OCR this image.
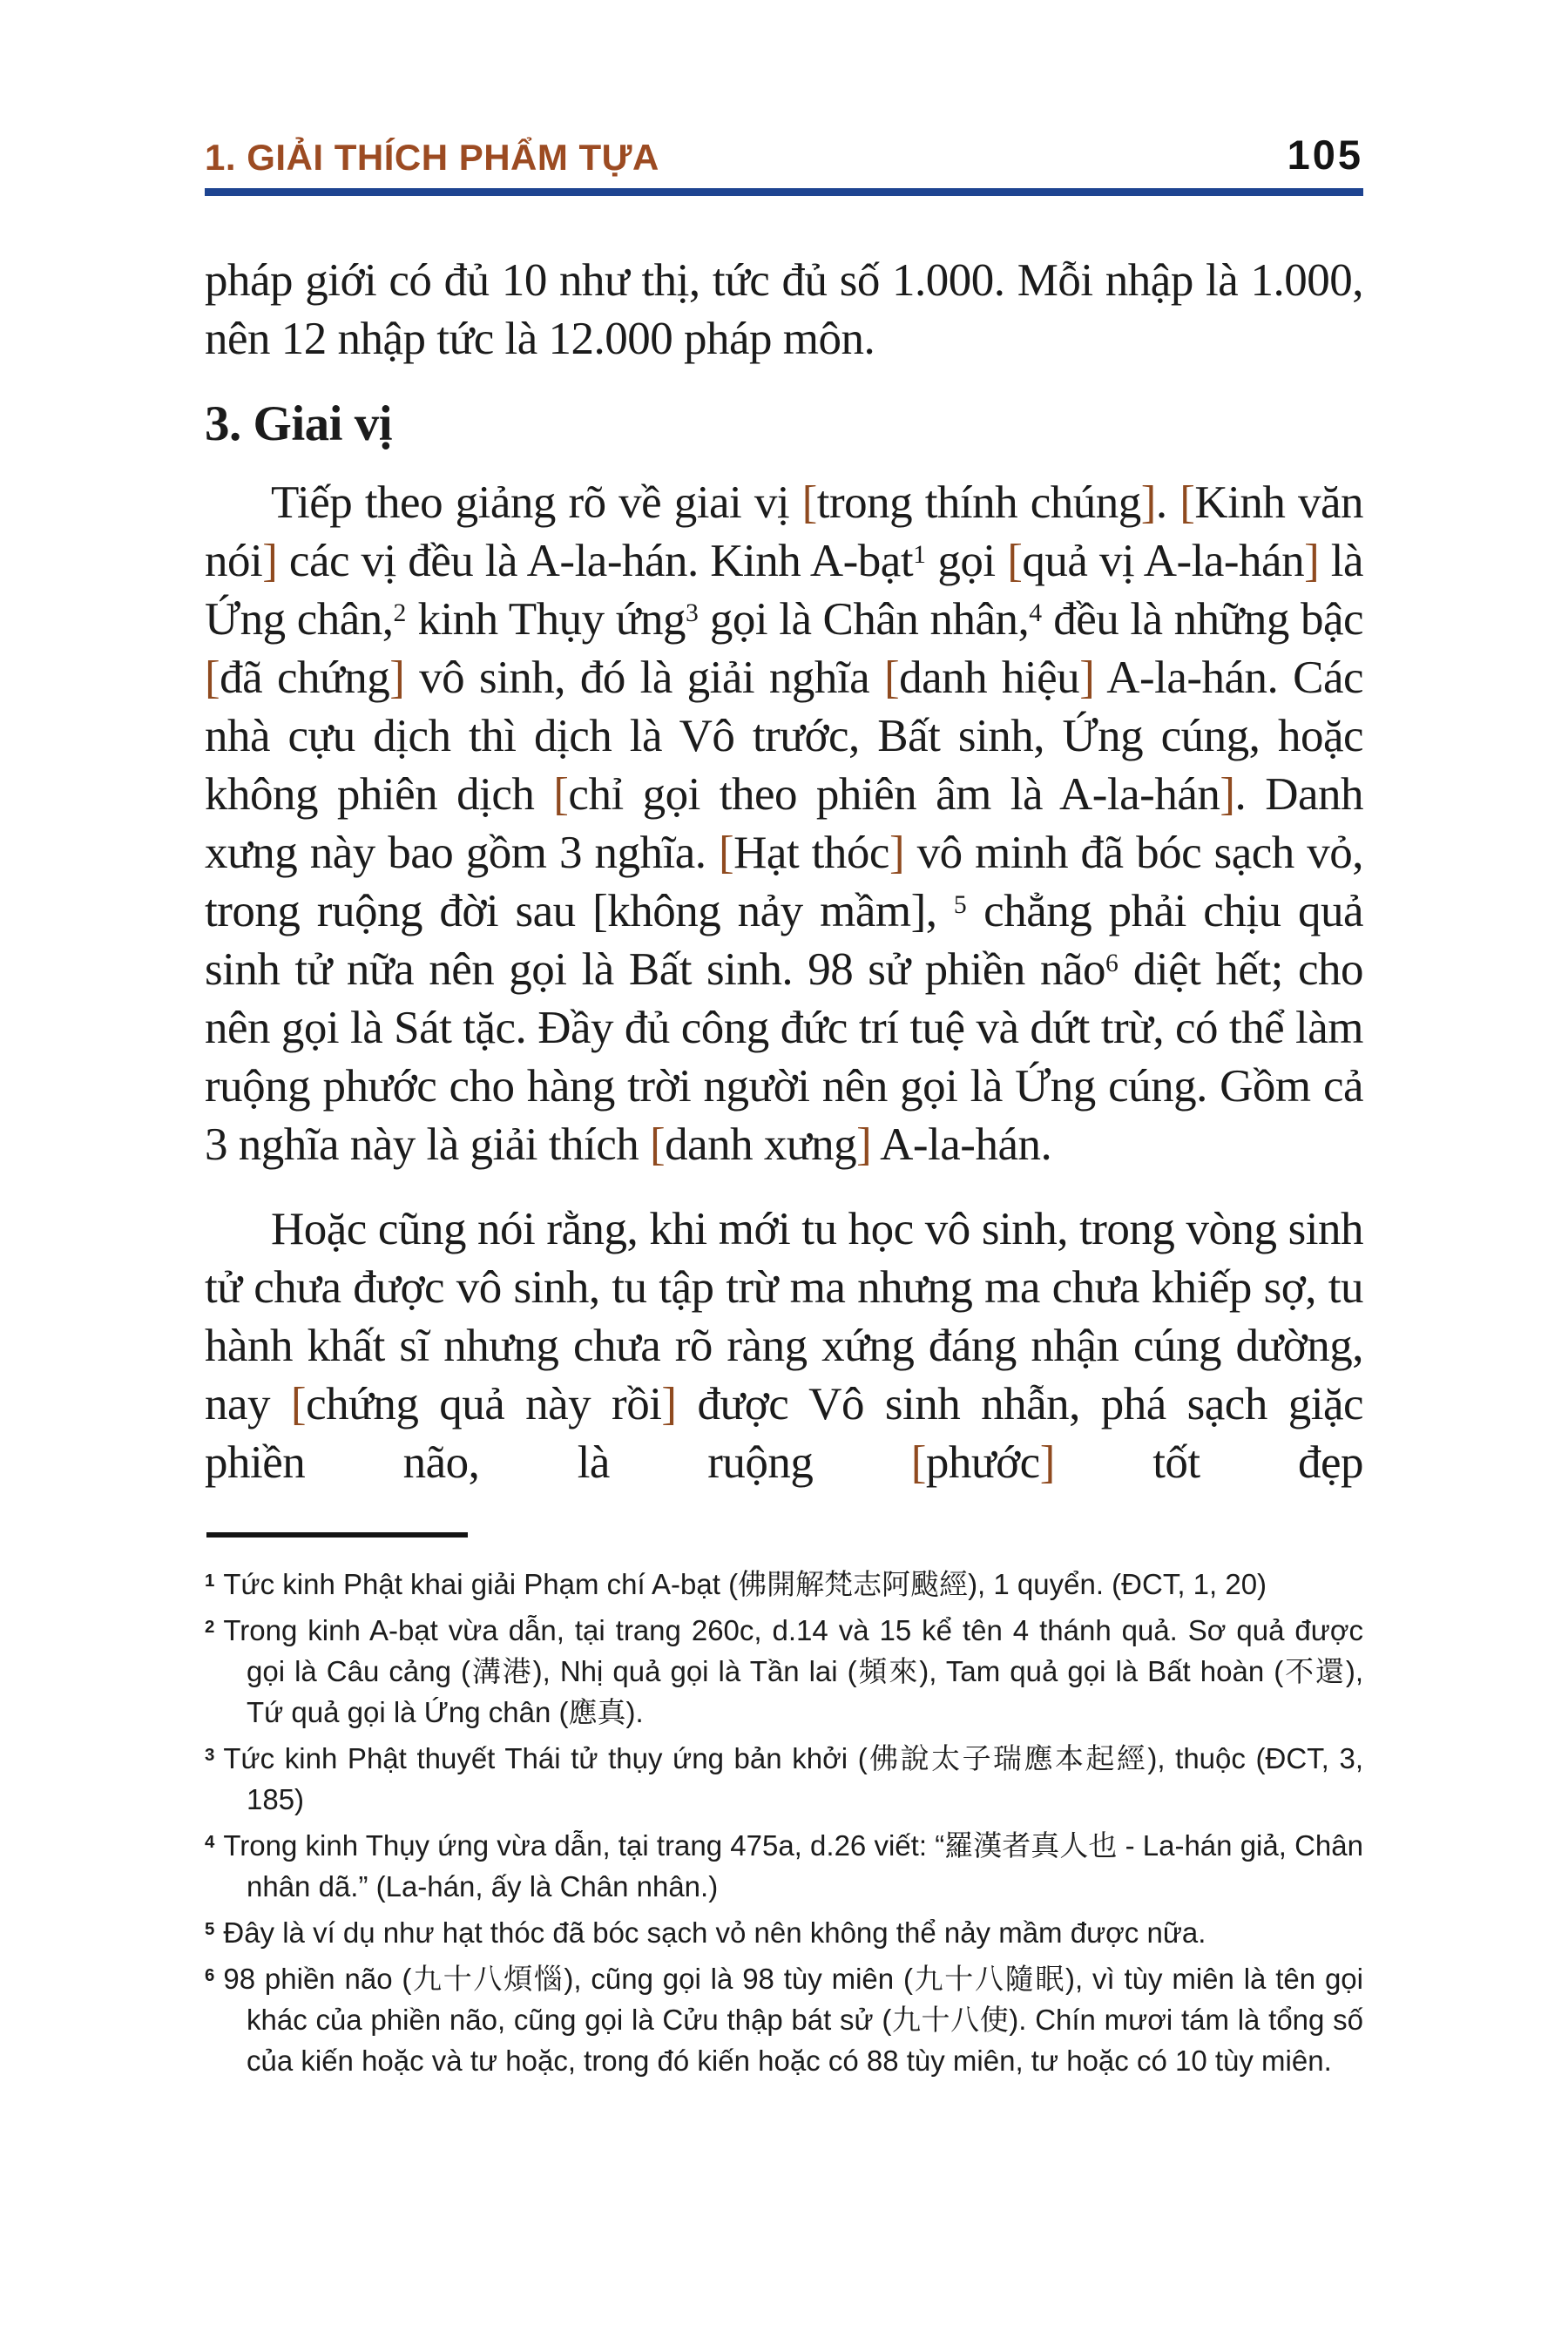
1. GIẢI THÍCH PHẨM TỰA	105

pháp giới có đủ 10 như thị, tức đủ số 1.000. Mỗi nhập là 1.000, nên 12 nhập tức là 12.000 pháp môn.

3. Giai vị

Tiếp theo giảng rõ về giai vị [trong thính chúng]. [Kinh văn nói] các vị đều là A-la-hán. Kinh A-bạt$^1$ gọi [quả vị A-la-hán] là Ứng chân,$^2$ kinh Thụy ứng$^3$ gọi là Chân nhân,$^4$ đều là những bậc [đã chứng] vô sinh, đó là giải nghĩa [danh hiệu] A-la-hán. Các nhà cựu dịch thì dịch là Vô trước, Bất sinh, Ứng cúng, hoặc không phiên dịch [chỉ gọi theo phiên âm là A-la-hán]. Danh xưng này bao gồm 3 nghĩa. [Hạt thóc] vô minh đã bóc sạch vỏ, trong ruộng đời sau [không nảy mầm], $^5$ chẳng phải chịu quả sinh tử nữa nên gọi là Bất sinh. 98 sử phiền não$^6$ diệt hết; cho nên gọi là Sát tặc. Đầy đủ công đức trí tuệ và dứt trừ, có thể làm ruộng phước cho hàng trời người nên gọi là Ứng cúng. Gồm cả 3 nghĩa này là giải thích [danh xưng] A-la-hán.

Hoặc cũng nói rằng, khi mới tu học vô sinh, trong vòng sinh tử chưa được vô sinh, tu tập trừ ma nhưng ma chưa khiếp sợ, tu hành khất sĩ nhưng chưa rõ ràng xứng đáng nhận cúng dường, nay [chứng quả này rồi] được Vô sinh nhẫn, phá sạch giặc phiền não, là ruộng [phước] tốt đẹp

$^1$ Tức kinh Phật khai giải Phạm chí A-bạt (佛開解梵志阿颰經), 1 quyển. (ĐCT, 1, 20)

$^2$ Trong kinh A-bạt vừa dẫn, tại trang 260c, d.14 và 15 kể tên 4 thánh quả. Sơ quả được gọi là Câu cảng (溝港), Nhị quả gọi là Tần lai (頻來), Tam quả gọi là Bất hoàn (不還), Tứ quả gọi là Ứng chân (應真).

$^3$ Tức kinh Phật thuyết Thái tử thụy ứng bản khởi (佛說太子瑞應本起經), thuộc (ĐCT, 3, 185)

$^4$ Trong kinh Thụy ứng vừa dẫn, tại trang 475a, d.26 viết: “羅漢者真人也 - La-hán giả, Chân nhân dã.” (La-hán, ấy là Chân nhân.)

$^5$ Đây là ví dụ như hạt thóc đã bóc sạch vỏ nên không thể nảy mầm được nữa.

$^6$ 98 phiền não (九十八煩惱), cũng gọi là 98 tùy miên (九十八隨眠), vì tùy miên là tên gọi khác của phiền não, cũng gọi là Cửu thập bát sử (九十八使). Chín mươi tám là tổng số của kiến hoặc và tư hoặc, trong đó kiến hoặc có 88 tùy miên, tư hoặc có 10 tùy miên.
